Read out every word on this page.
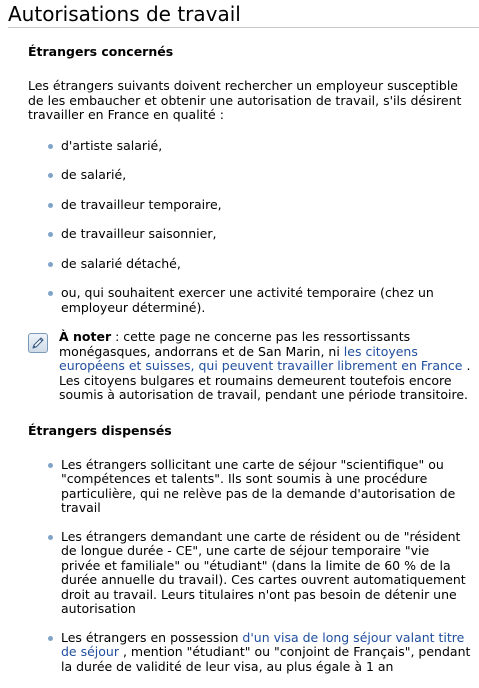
Autorisations de travail
Étrangers concernés

Les étrangers suivants doivent rechercher un employeur susceptible de les embaucher et obtenir une autorisation de travail, s'ils désirent travailler en France en qualité :

d'artiste salarié,
de salarié,
de travailleur temporaire,
de travailleur saisonnier,
de salarié détaché,
ou, qui souhaitent exercer une activité temporaire (chez un employeur déterminé).

À noter : cette page ne concerne pas les ressortissants monégasques, andorrans et de San Marin, ni les citoyens européens et suisses, qui peuvent travailler librement en France . Les citoyens bulgares et roumains demeurent toutefois encore soumis à autorisation de travail, pendant une période transitoire.

Étrangers dispensés
Les étrangers sollicitant une carte de séjour "scientifique" ou "compétences et talents". Ils sont soumis à une procédure particulière, qui ne relève pas de la demande d'autorisation de travail
Les étrangers demandant une carte de résident ou de "résident de longue durée - CE", une carte de séjour temporaire "vie privée et familiale" ou "étudiant" (dans la limite de 60 % de la durée annuelle du travail). Ces cartes ouvrent automatiquement droit au travail. Leurs titulaires n'ont pas besoin de détenir une autorisation
Les étrangers en possession d'un visa de long séjour valant titre de séjour , mention "étudiant" ou "conjoint de Français", pendant la durée de validité de leur visa, au plus égale à 1 an
